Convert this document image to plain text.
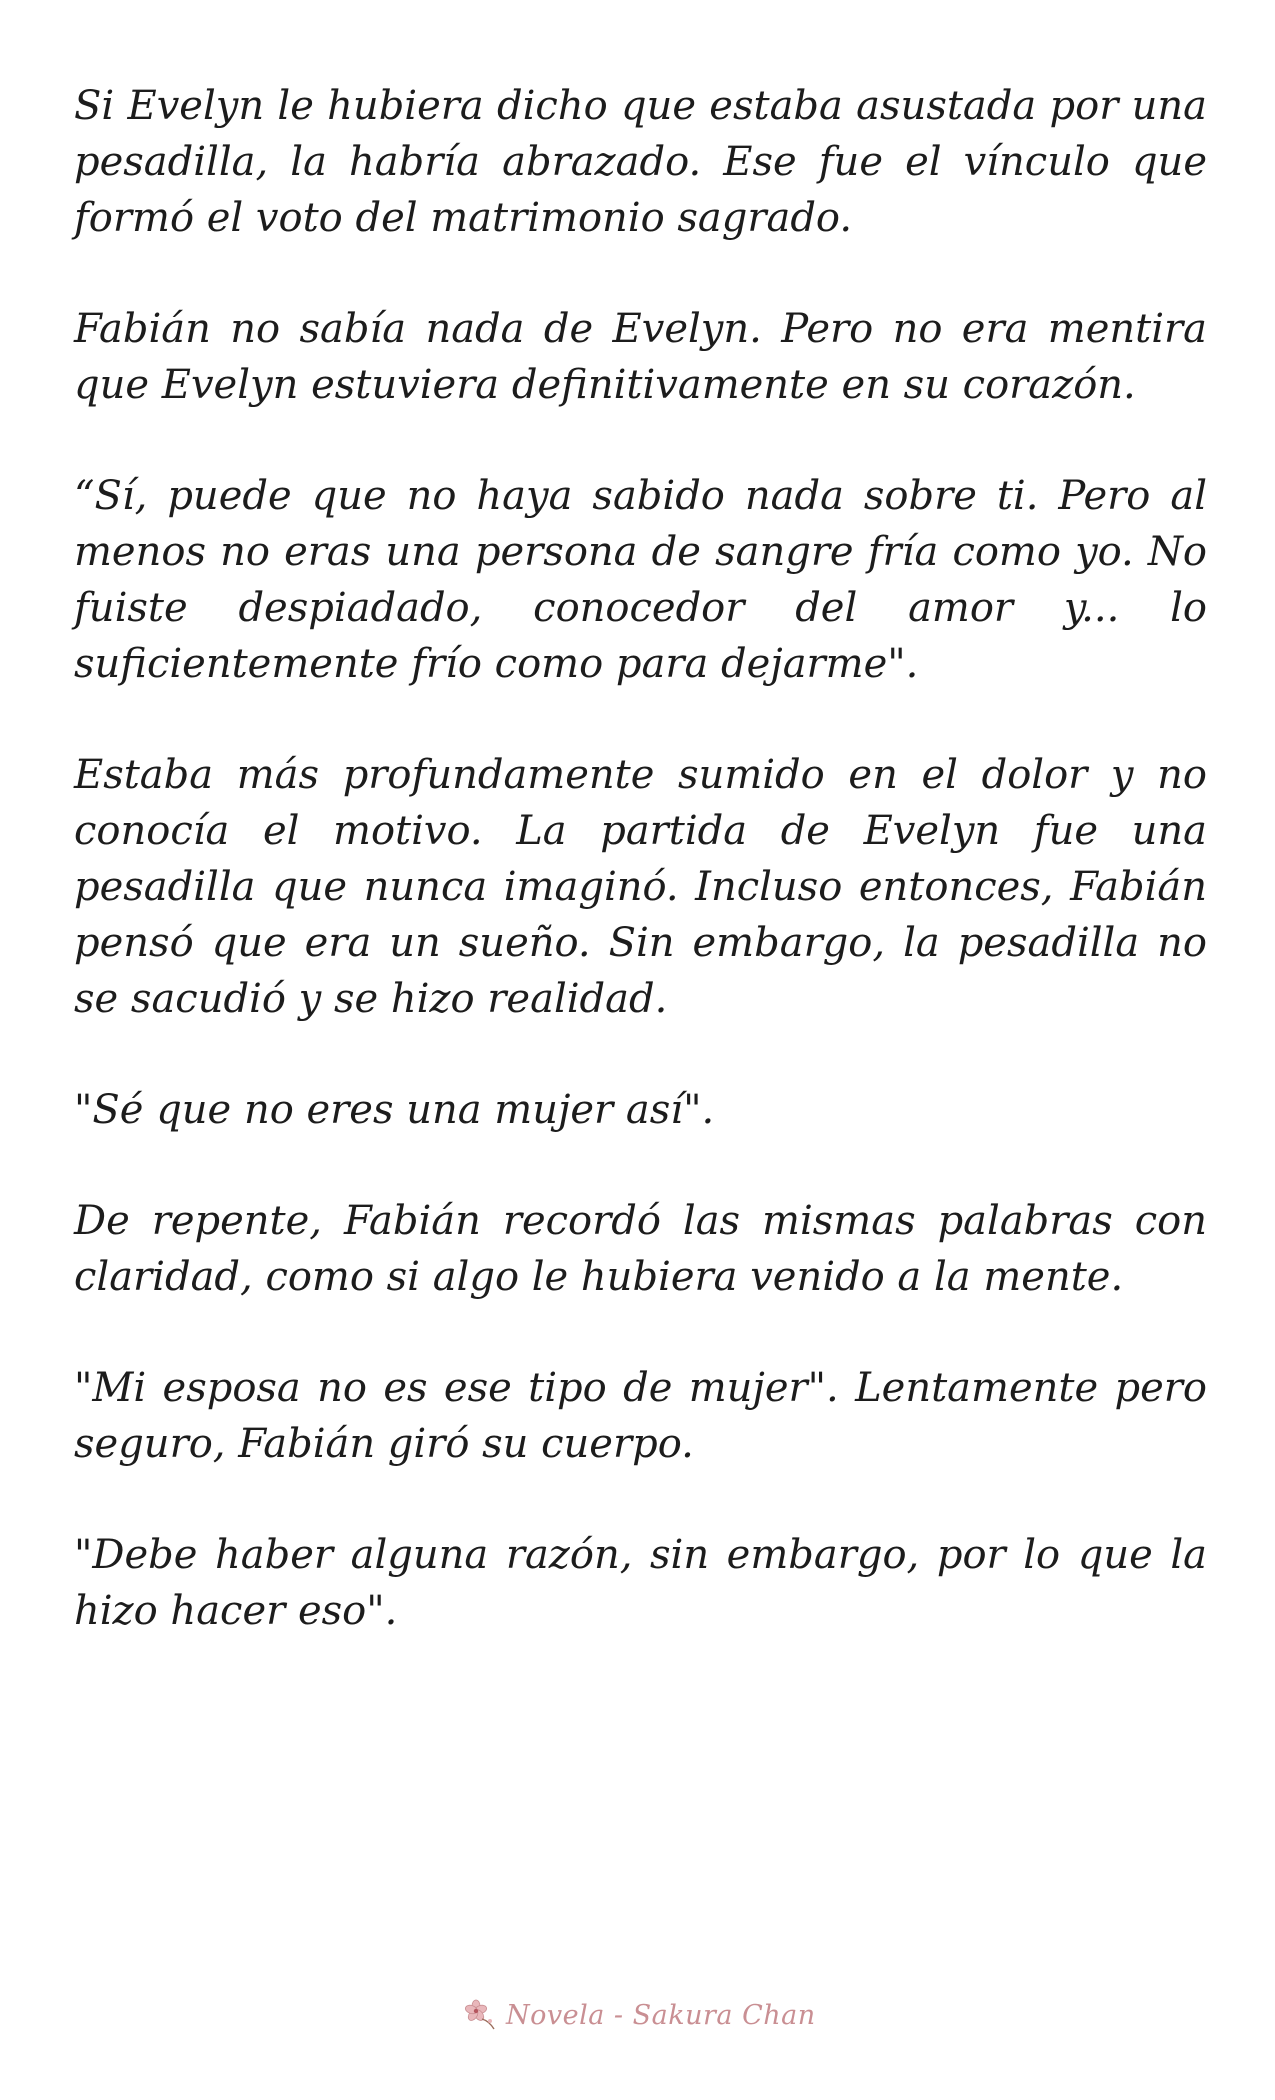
Si Evelyn le hubiera dicho que estaba asustada por una pesadilla, la habría abrazado. Ese fue el vínculo que formó el voto del matrimonio sagrado.

Fabián no sabía nada de Evelyn. Pero no era mentira que Evelyn estuviera definitivamente en su corazón.

“Sí, puede que no haya sabido nada sobre ti. Pero al menos no eras una persona de sangre fría como yo. No fuiste despiadado, conocedor del amor y... lo suficientemente frío como para dejarme".

Estaba más profundamente sumido en el dolor y no conocía el motivo. La partida de Evelyn fue una pesadilla que nunca imaginó. Incluso entonces, Fabián pensó que era un sueño. Sin embargo, la pesadilla no se sacudió y se hizo realidad.

"Sé que no eres una mujer así".

De repente, Fabián recordó las mismas palabras con claridad, como si algo le hubiera venido a la mente.

"Mi esposa no es ese tipo de mujer". Lentamente pero seguro, Fabián giró su cuerpo.

"Debe haber alguna razón, sin embargo, por lo que la hizo hacer eso".

Novela - Sakura Chan
